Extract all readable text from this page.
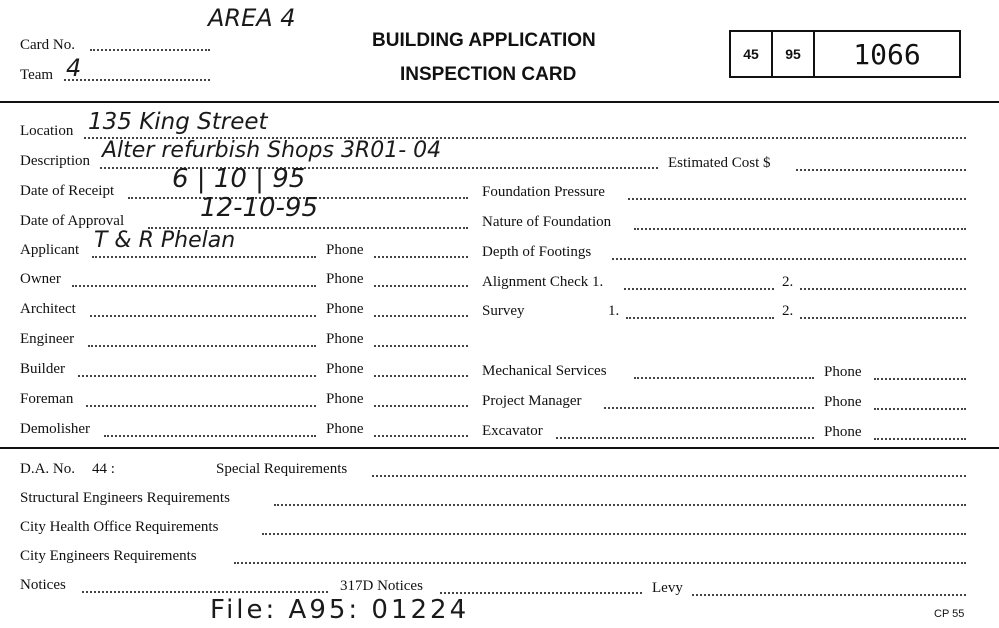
AREA 4
Card No.
Team 4
BUILDING APPLICATION
INSPECTION CARD
45	95	1066
Location 135 King Street
Description Alter refurbish Shops 3R01- 04	Estimated Cost $
Date of Receipt 6 | 10 | 95
Date of Approval	12-10-95
Applicant T & R Phelan	Phone
Owner	Phone
Architect	Phone
Engineer	Phone
Builder	Phone
Foreman	Phone
Demolisher	Phone
Foundation Pressure
Nature of Foundation
Depth of Footings
Alignment Check 1.	2.
Survey	1.	2.
Mechanical Services	Phone
Project Manager	Phone
Excavator	Phone
D.A. No. 44 :	Special Requirements
Structural Engineers Requirements
City Health Office Requirements
City Engineers Requirements
Notices	317D Notices	Levy
File: A95: 01224	CP 55
